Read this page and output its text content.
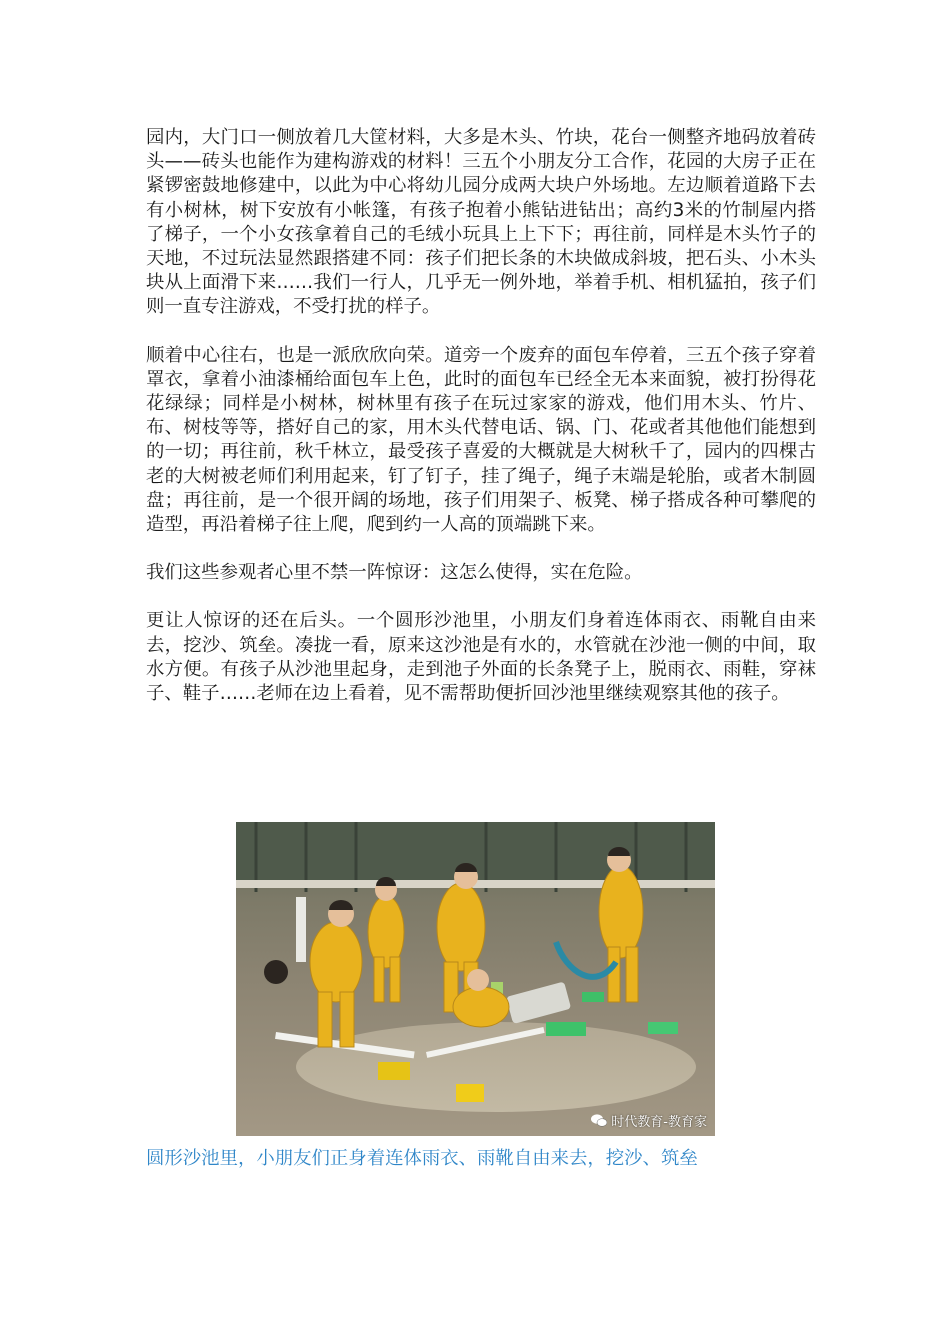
园内，大门口一侧放着几大筐材料，大多是木头、竹块，花台一侧整齐地码放着砖头——砖头也能作为建构游戏的材料！三五个小朋友分工合作，花园的大房子正在紧锣密鼓地修建中，以此为中心将幼儿园分成两大块户外场地。左边顺着道路下去有小树林，树下安放有小帐篷，有孩子抱着小熊钻进钻出；高约3米的竹制屋内搭了梯子，一个小女孩拿着自己的毛绒小玩具上上下下；再往前，同样是木头竹子的天地，不过玩法显然跟搭建不同：孩子们把长条的木块做成斜坡，把石头、小木头块从上面滑下来……我们一行人，几乎无一例外地，举着手机、相机猛拍，孩子们则一直专注游戏，不受打扰的样子。

顺着中心往右，也是一派欣欣向荣。道旁一个废弃的面包车停着，三五个孩子穿着罩衣，拿着小油漆桶给面包车上色，此时的面包车已经全无本来面貌，被打扮得花花绿绿；同样是小树林，树林里有孩子在玩过家家的游戏，他们用木头、竹片、布、树枝等等，搭好自己的家，用木头代替电话、锅、门、花或者其他他们能想到的一切；再往前，秋千林立，最受孩子喜爱的大概就是大树秋千了，园内的四棵古老的大树被老师们利用起来，钉了钉子，挂了绳子，绳子末端是轮胎，或者木制圆盘；再往前，是一个很开阔的场地，孩子们用架子、板凳、梯子搭成各种可攀爬的造型，再沿着梯子往上爬，爬到约一人高的顶端跳下来。

我们这些参观者心里不禁一阵惊讶：这怎么使得，实在危险。

更让人惊讶的还在后头。一个圆形沙池里，小朋友们身着连体雨衣、雨靴自由来去，挖沙、筑垒。凑拢一看，原来这沙池是有水的，水管就在沙池一侧的中间，取水方便。有孩子从沙池里起身，走到池子外面的长条凳子上，脱雨衣、雨鞋，穿袜子、鞋子……老师在边上看着，见不需帮助便折回沙池里继续观察其他的孩子。

时代教育-教育家
圆形沙池里，小朋友们正身着连体雨衣、雨靴自由来去，挖沙、筑垒
